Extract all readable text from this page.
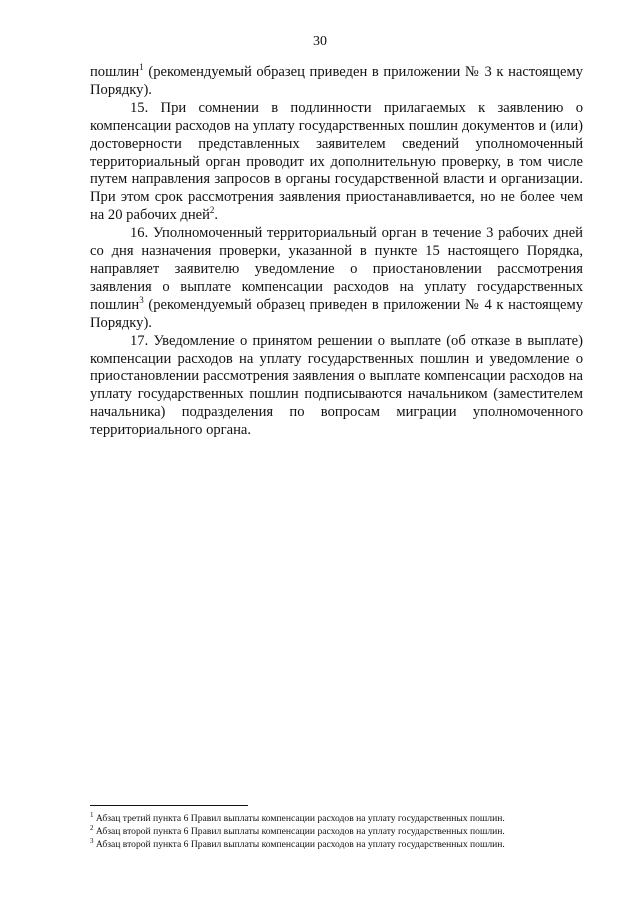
30

пошлин$^1$ (рекомендуемый образец приведен в приложении № 3 к настоящему Порядку).

15. При сомнении в подлинности прилагаемых к заявлению о компенсации расходов на уплату государственных пошлин документов и (или) достоверности представленных заявителем сведений уполномоченный территориальный орган проводит их дополнительную проверку, в том числе путем направления запросов в органы государственной власти и организации. При этом срок рассмотрения заявления приостанавливается, но не более чем на 20 рабочих дней$^2$.

16. Уполномоченный территориальный орган в течение 3 рабочих дней со дня назначения проверки, указанной в пункте 15 настоящего Порядка, направляет заявителю уведомление о приостановлении рассмотрения заявления о выплате компенсации расходов на уплату государственных пошлин$^3$ (рекомендуемый образец приведен в приложении № 4 к настоящему Порядку).

17. Уведомление о принятом решении о выплате (об отказе в выплате) компенсации расходов на уплату государственных пошлин и уведомление о приостановлении рассмотрения заявления о выплате компенсации расходов на уплату государственных пошлин подписываются начальником (заместителем начальника) подразделения по вопросам миграции уполномоченного территориального органа.

$^1$ Абзац третий пункта 6 Правил выплаты компенсации расходов на уплату государственных пошлин.
$^2$ Абзац второй пункта 6 Правил выплаты компенсации расходов на уплату государственных пошлин.
$^3$ Абзац второй пункта 6 Правил выплаты компенсации расходов на уплату государственных пошлин.
